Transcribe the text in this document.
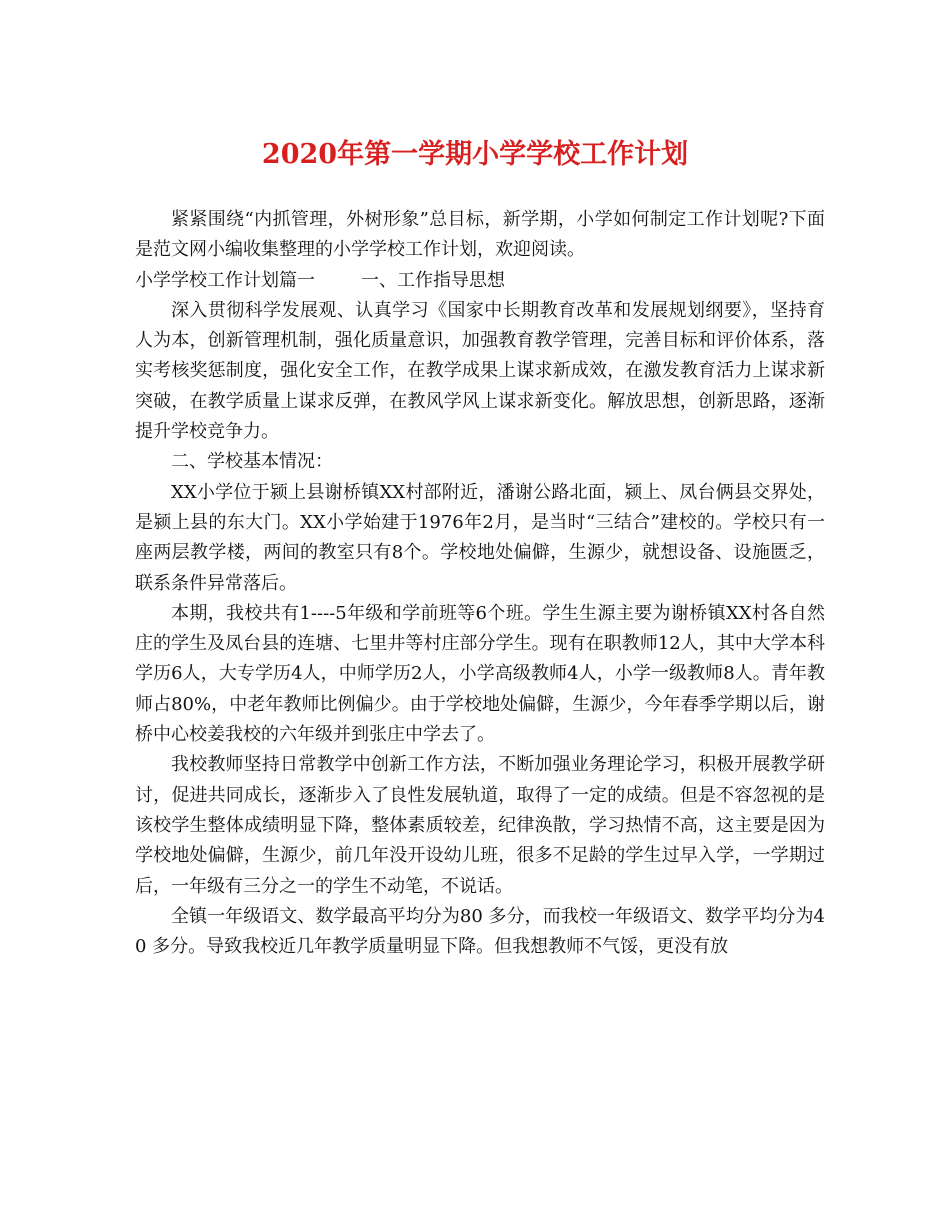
2020年第一学期小学学校工作计划

紧紧围绕“内抓管理，外树形象”总目标，新学期，小学如何制定工作计划呢?下面是范文网小编收集整理的小学学校工作计划，欢迎阅读。

小学学校工作计划篇一	一、工作指导思想

深入贯彻科学发展观、认真学习《国家中长期教育改革和发展规划纲要》，坚持育人为本，创新管理机制，强化质量意识，加强教育教学管理，完善目标和评价体系，落实考核奖惩制度，强化安全工作，在教学成果上谋求新成效，在激发教育活力上谋求新突破，在教学质量上谋求反弹，在教风学风上谋求新变化。解放思想，创新思路，逐渐提升学校竞争力。

二、学校基本情况：

XX小学位于颍上县谢桥镇XX村部附近，潘谢公路北面，颍上、凤台俩县交界处，是颍上县的东大门。XX小学始建于1976年2月，是当时“三结合”建校的。学校只有一座两层教学楼，两间的教室只有8个。学校地处偏僻，生源少，就想设备、设施匮乏，联系条件异常落后。

本期，我校共有1----5年级和学前班等6个班。学生生源主要为谢桥镇XX村各自然庄的学生及凤台县的连塘、七里井等村庄部分学生。现有在职教师12人，其中大学本科学历6人，大专学历4人，中师学历2人，小学高级教师4人，小学一级教师8人。青年教师占80%，中老年教师比例偏少。由于学校地处偏僻，生源少，今年春季学期以后，谢桥中心校姜我校的六年级并到张庄中学去了。

我校教师坚持日常教学中创新工作方法，不断加强业务理论学习，积极开展教学研讨，促进共同成长，逐渐步入了良性发展轨道，取得了一定的成绩。但是不容忽视的是该校学生整体成绩明显下降，整体素质较差，纪律涣散，学习热情不高，这主要是因为学校地处偏僻，生源少，前几年没开设幼儿班，很多不足龄的学生过早入学，一学期过后，一年级有三分之一的学生不动笔，不说话。

全镇一年级语文、数学最高平均分为80 多分，而我校一年级语文、数学平均分为40 多分。导致我校近几年教学质量明显下降。但我想教师不气馁，更没有放
